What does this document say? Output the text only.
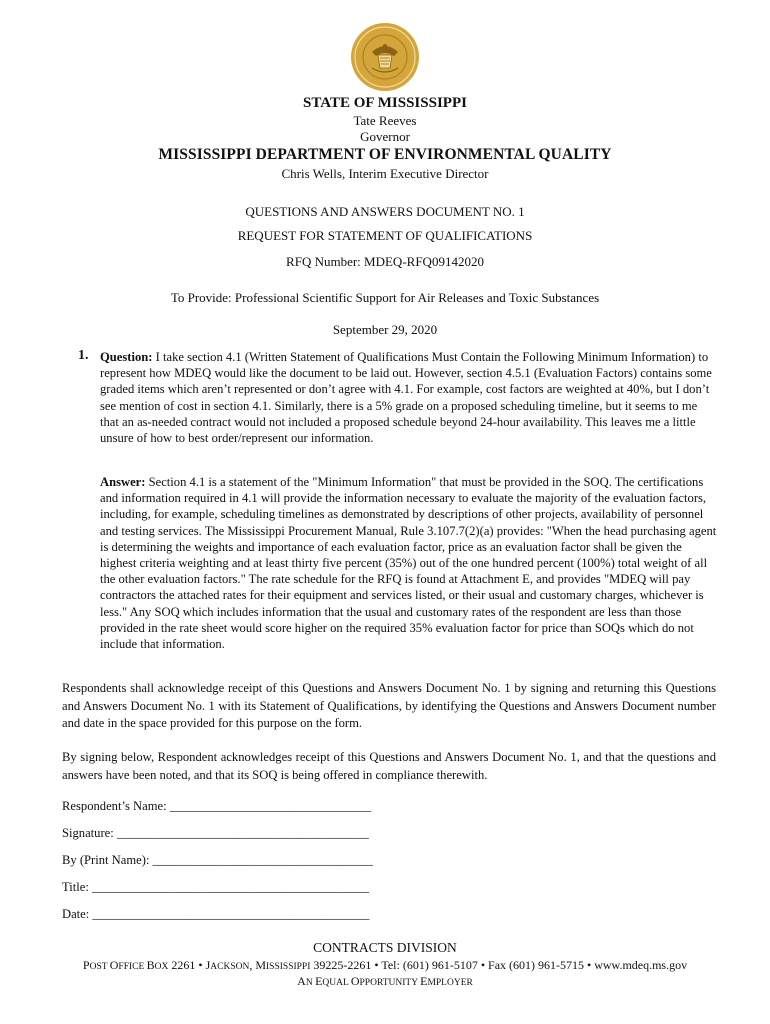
STATE OF MISSISSIPPI
Tate Reeves
Governor
MISSISSIPPI DEPARTMENT OF ENVIRONMENTAL QUALITY
Chris Wells, Interim Executive Director
QUESTIONS AND ANSWERS DOCUMENT NO. 1
REQUEST FOR STATEMENT OF QUALIFICATIONS
RFQ Number: MDEQ-RFQ09142020
To Provide: Professional Scientific Support for Air Releases and Toxic Substances
September 29, 2020
1. Question: I take section 4.1 (Written Statement of Qualifications Must Contain the Following Minimum Information) to represent how MDEQ would like the document to be laid out. However, section 4.5.1 (Evaluation Factors) contains some graded items which aren’t represented or don’t agree with 4.1. For example, cost factors are weighted at 40%, but I don’t see mention of cost in section 4.1. Similarly, there is a 5% grade on a proposed scheduling timeline, but it seems to me that an as-needed contract would not included a proposed schedule beyond 24-hour availability. This leaves me a little unsure of how to best order/represent our information.
Answer: Section 4.1 is a statement of the "Minimum Information" that must be provided in the SOQ. The certifications and information required in 4.1 will provide the information necessary to evaluate the majority of the evaluation factors, including, for example, scheduling timelines as demonstrated by descriptions of other projects, availability of personnel and testing services. The Mississippi Procurement Manual, Rule 3.107.7(2)(a) provides: "When the head purchasing agent is determining the weights and importance of each evaluation factor, price as an evaluation factor shall be given the highest criteria weighting and at least thirty five percent (35%) out of the one hundred percent (100%) total weight of all the other evaluation factors." The rate schedule for the RFQ is found at Attachment E, and provides "MDEQ will pay contractors the attached rates for their equipment and services listed, or their usual and customary charges, whichever is less." Any SOQ which includes information that the usual and customary rates of the respondent are less than those provided in the rate sheet would score higher on the required 35% evaluation factor for price than SOQs which do not include that information.
Respondents shall acknowledge receipt of this Questions and Answers Document No. 1 by signing and returning this Questions and Answers Document No. 1 with its Statement of Qualifications, by identifying the Questions and Answers Document number and date in the space provided for this purpose on the form.
By signing below, Respondent acknowledges receipt of this Questions and Answers Document No. 1, and that the questions and answers have been noted, and that its SOQ is being offered in compliance therewith.
Respondent’s Name: ________________________________
Signature: ________________________________________
By (Print Name): ___________________________________
Title: ____________________________________________
Date: ____________________________________________
CONTRACTS DIVISION
POST OFFICE BOX 2261 • JACKSON, MISSISSIPPI 39225-2261 • Tel: (601) 961-5107 • Fax (601) 961-5715 • www.mdeq.ms.gov
AN EQUAL OPPORTUNITY EMPLOYER
